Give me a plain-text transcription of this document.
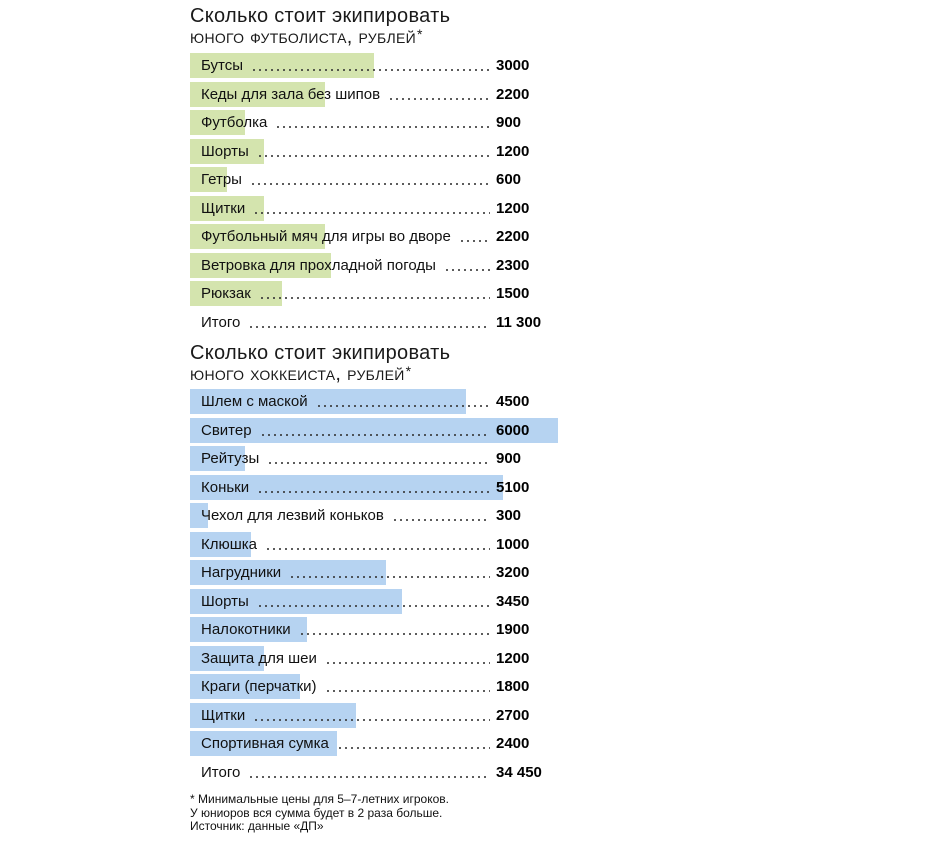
Сколько стоит экипировать
юного футболиста, рублей*
Бутсы	3000
Кеды для зала без шипов	2200
Футболка	900
Шорты	1200
Гетры	600
Щитки	1200
Футбольный мяч для игры во дворе	2200
Ветровка для прохладной погоды	2300
Рюкзак	1500
Итого	11 300
Сколько стоит экипировать
юного хоккеиста, рублей*
Шлем с маской	4500
Свитер	6000
Рейтузы	900
Коньки	5100
Чехол для лезвий коньков	300
Клюшка	1000
Нагрудники	3200
Шорты	3450
Налокотники	1900
Защита для шеи	1200
Краги (перчатки)	1800
Щитки	2700
Спортивная сумка	2400
Итого	34 450
* Минимальные цены для 5–7-летних игроков.
У юниоров вся сумма будет в 2 раза больше.
Источник: данные «ДП»
